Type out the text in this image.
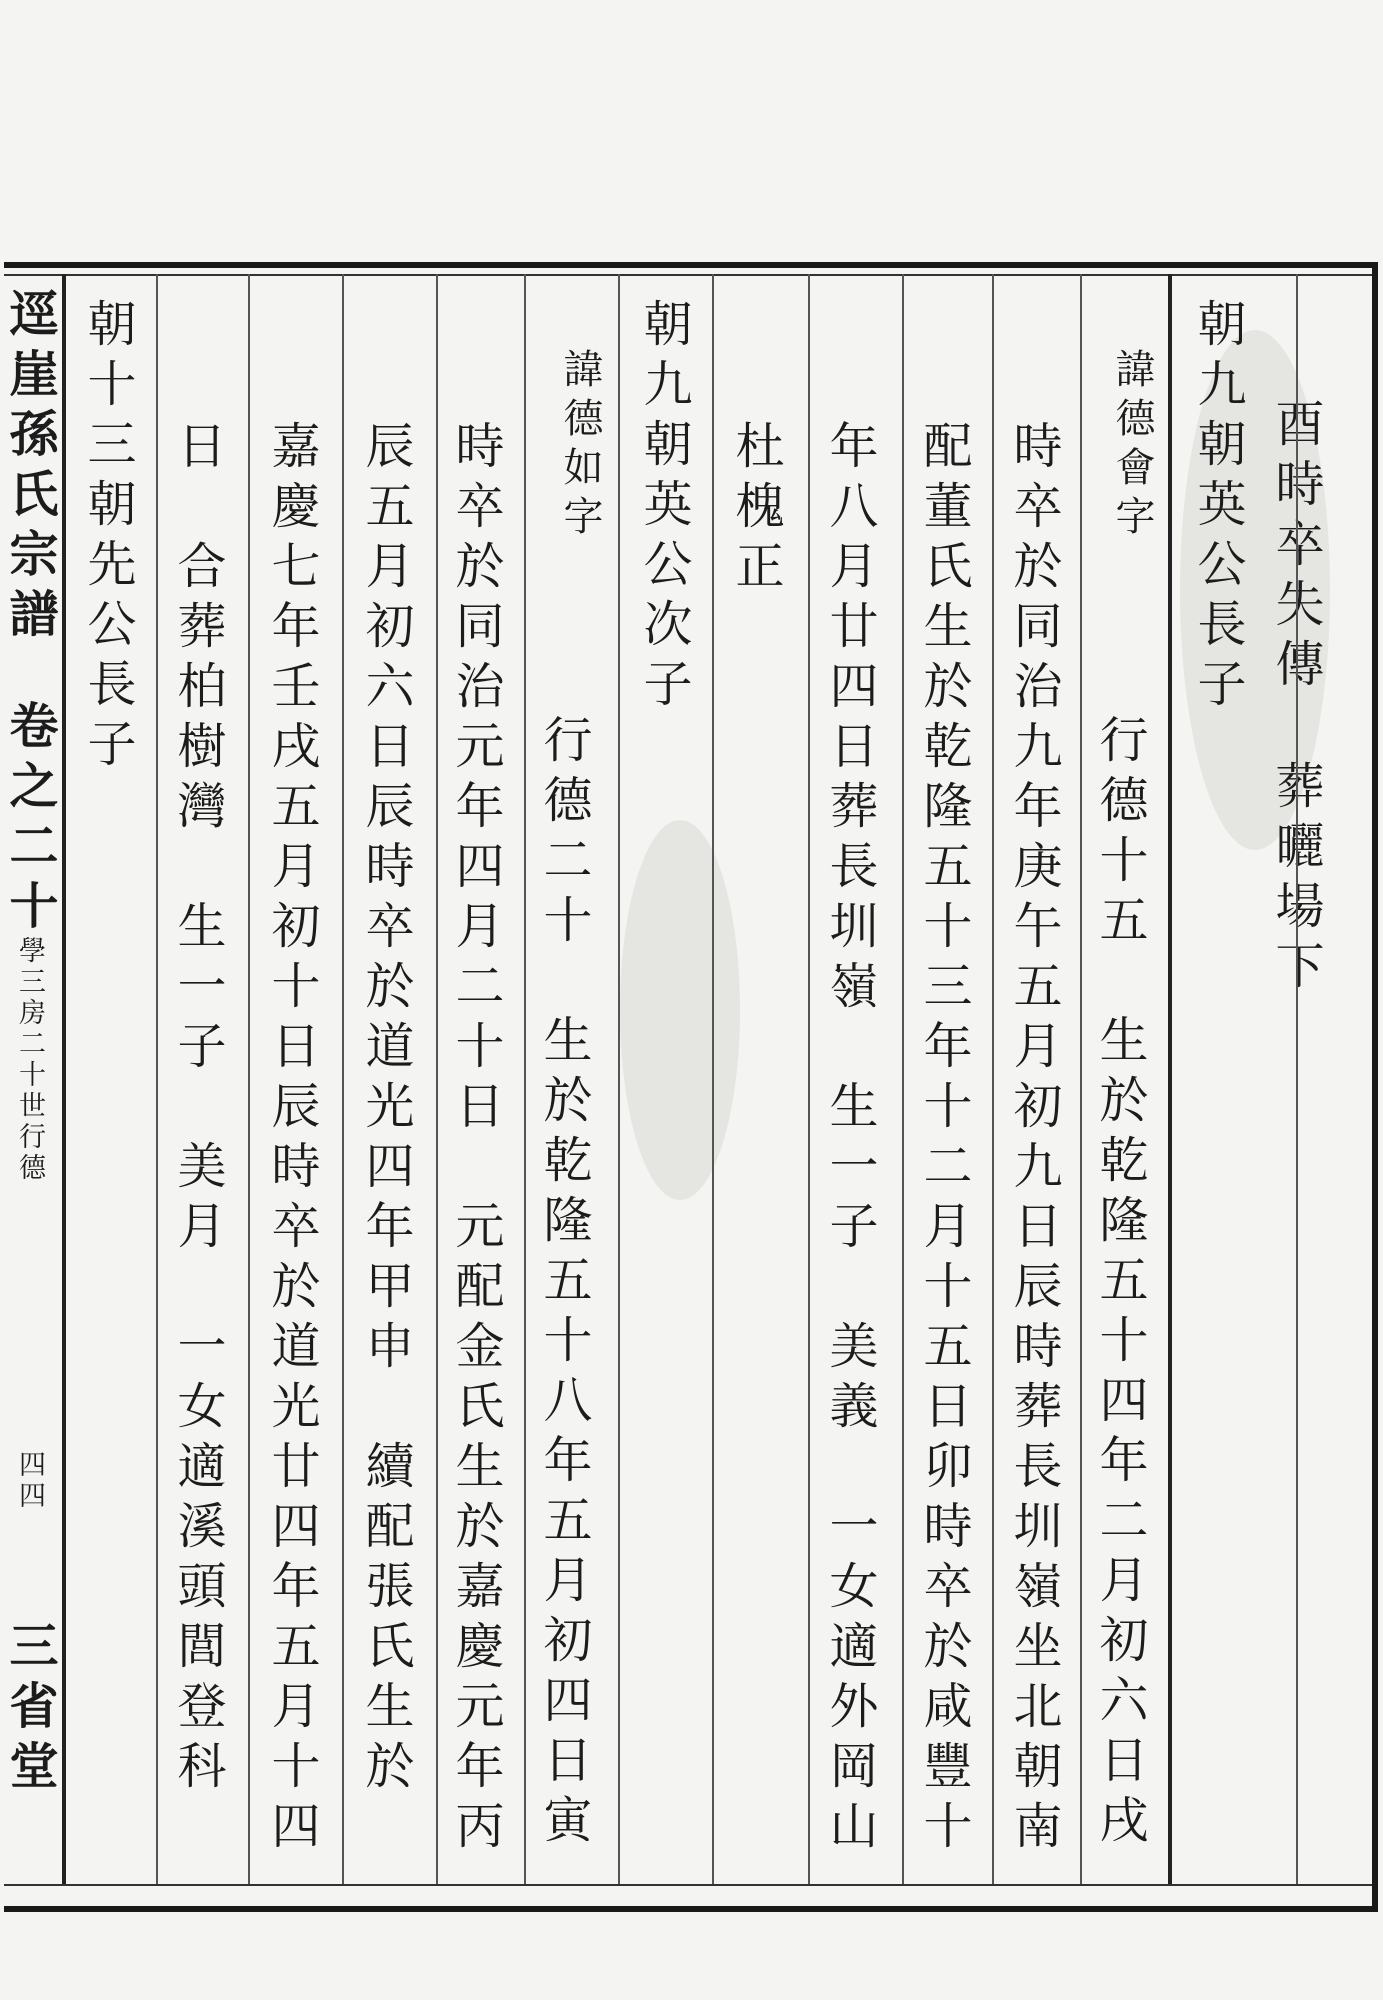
酉時卒失傳
葬曬場下
逕崖孫氏宗譜
卷之二十
學三房二十世行德
四四
三省堂
朝九朝英公長子
諱德會字
行德十五　生於乾隆五十四年二月初六日戌
時卒於同治九年庚午五月初九日辰時葬長圳嶺坐北朝南
配董氏生於乾隆五十三年十二月十五日卯時卒於咸豐十
年八月廿四日葬長圳嶺　生一子　美義　一女適外岡山
杜槐正
朝九朝英公次子
諱德如字
行德二十　生於乾隆五十八年五月初四日寅
時卒於同治元年四月二十日　元配金氏生於嘉慶元年丙
辰五月初六日辰時卒於道光四年甲申　續配張氏生於
嘉慶七年壬戌五月初十日辰時卒於道光廿四年五月十四
日　合葬柏樹灣　生一子　美月　一女適溪頭閭登科
朝十三朝先公長子
